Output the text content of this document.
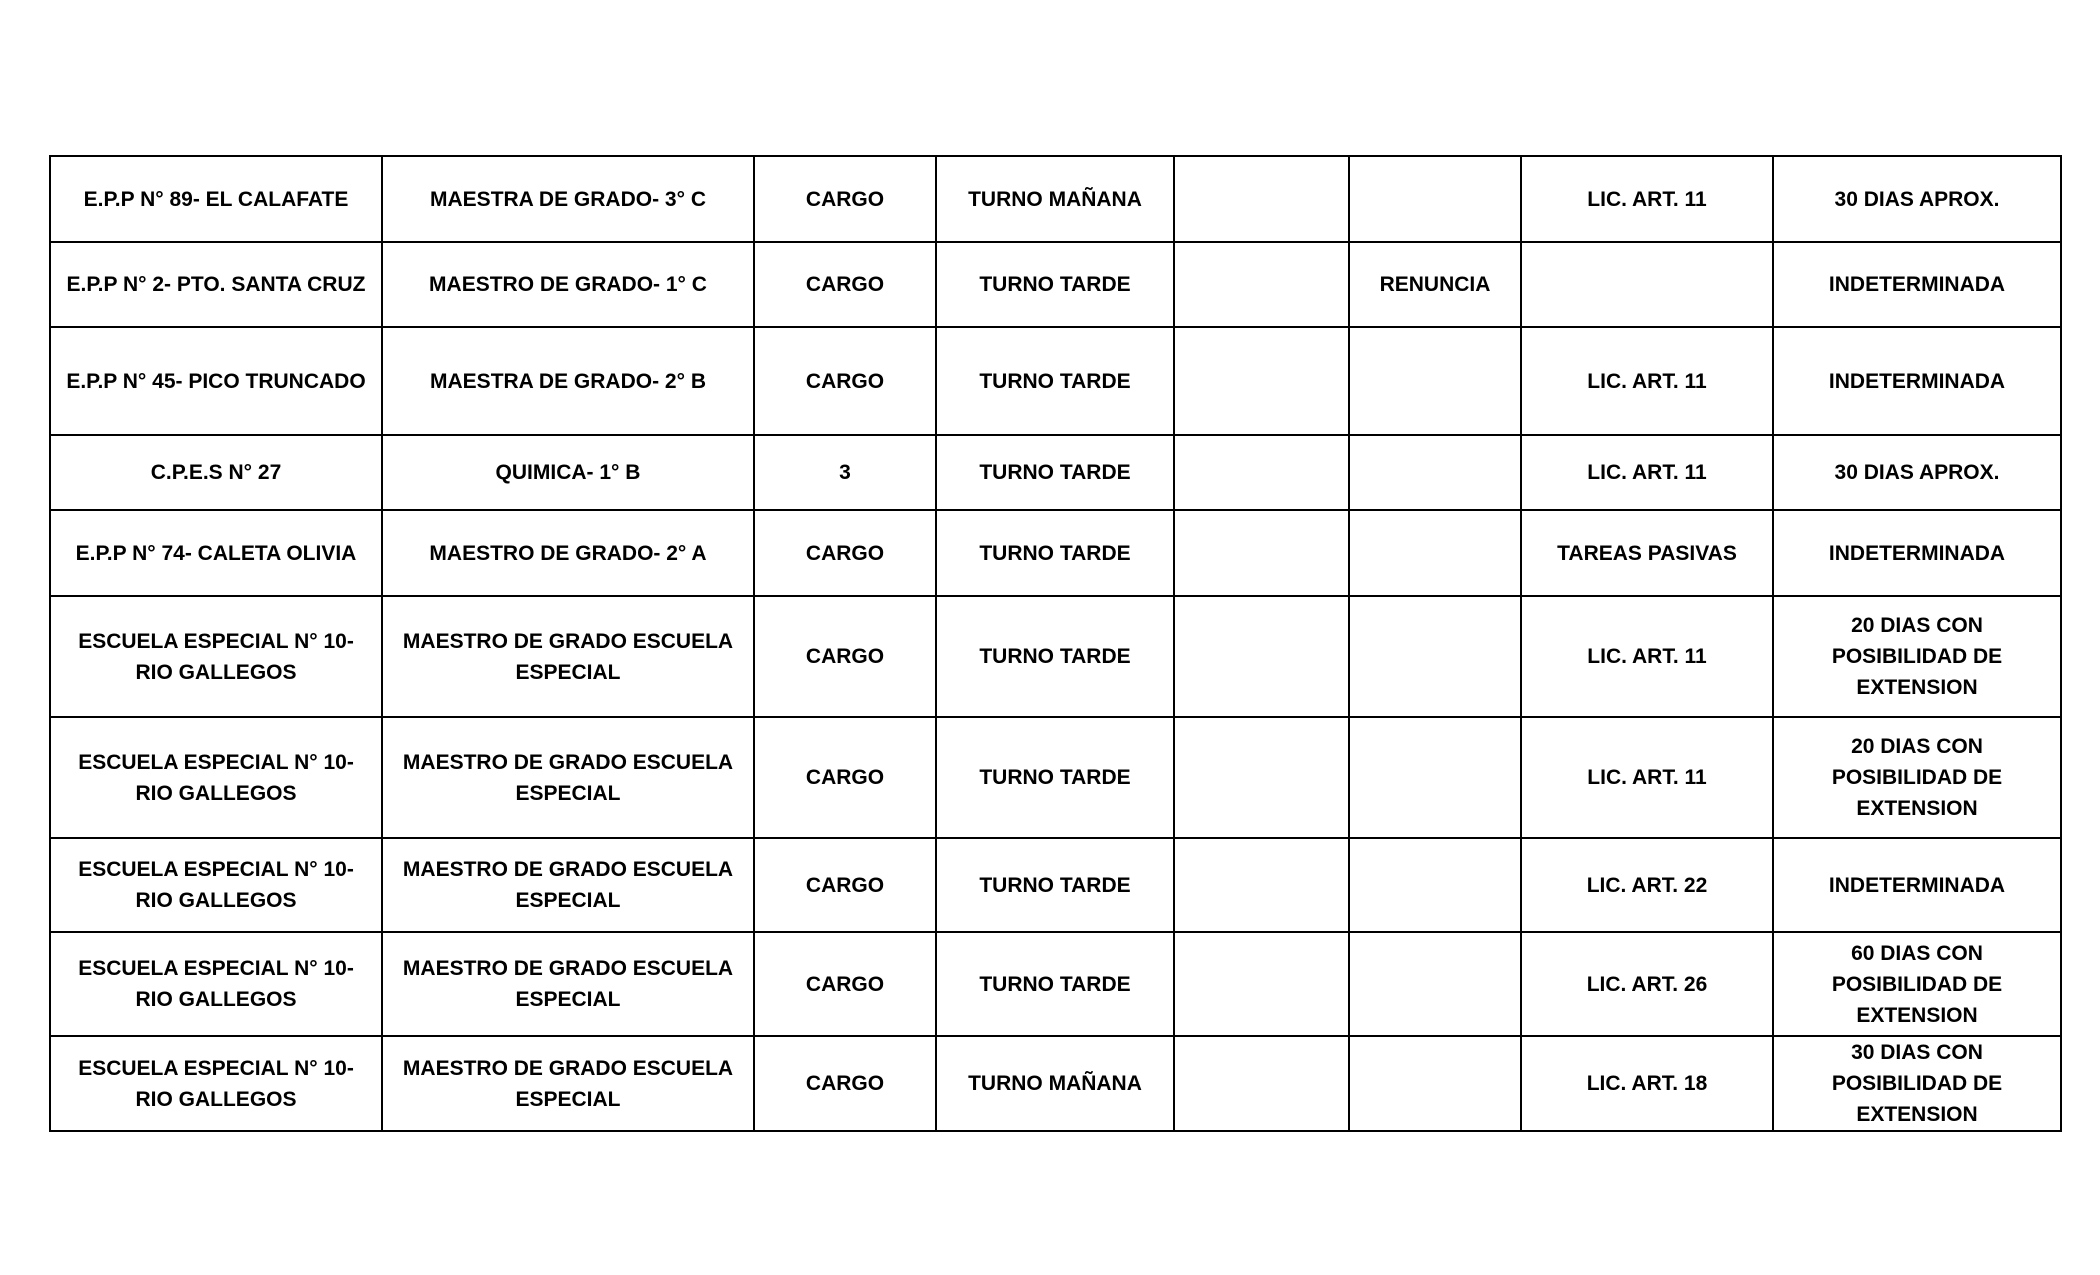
E.P.P N° 89- EL CALAFATE	MAESTRA DE GRADO- 3° C	CARGO	TURNO MAÑANA			LIC. ART. 11	30 DIAS APROX.
E.P.P N° 2- PTO. SANTA CRUZ	MAESTRO DE GRADO- 1° C	CARGO	TURNO TARDE		RENUNCIA		INDETERMINADA
E.P.P N° 45- PICO TRUNCADO	MAESTRA DE GRADO- 2° B	CARGO	TURNO TARDE			LIC. ART. 11	INDETERMINADA
C.P.E.S N° 27	QUIMICA- 1° B	3	TURNO TARDE			LIC. ART. 11	30 DIAS APROX.
E.P.P N° 74- CALETA OLIVIA	MAESTRO DE GRADO- 2° A	CARGO	TURNO TARDE			TAREAS PASIVAS	INDETERMINADA
ESCUELA ESPECIAL N° 10- RIO GALLEGOS	MAESTRO DE GRADO ESCUELA ESPECIAL	CARGO	TURNO TARDE			LIC. ART. 11	20 DIAS CON POSIBILIDAD DE EXTENSION
ESCUELA ESPECIAL N° 10- RIO GALLEGOS	MAESTRO DE GRADO ESCUELA ESPECIAL	CARGO	TURNO TARDE			LIC. ART. 11	20 DIAS CON POSIBILIDAD DE EXTENSION
ESCUELA ESPECIAL N° 10- RIO GALLEGOS	MAESTRO DE GRADO ESCUELA ESPECIAL	CARGO	TURNO TARDE			LIC. ART. 22	INDETERMINADA
ESCUELA ESPECIAL N° 10- RIO GALLEGOS	MAESTRO DE GRADO ESCUELA ESPECIAL	CARGO	TURNO TARDE			LIC. ART. 26	60 DIAS CON POSIBILIDAD DE EXTENSION
ESCUELA ESPECIAL N° 10- RIO GALLEGOS	MAESTRO DE GRADO ESCUELA ESPECIAL	CARGO	TURNO MAÑANA			LIC. ART. 18	30 DIAS CON POSIBILIDAD DE EXTENSION
